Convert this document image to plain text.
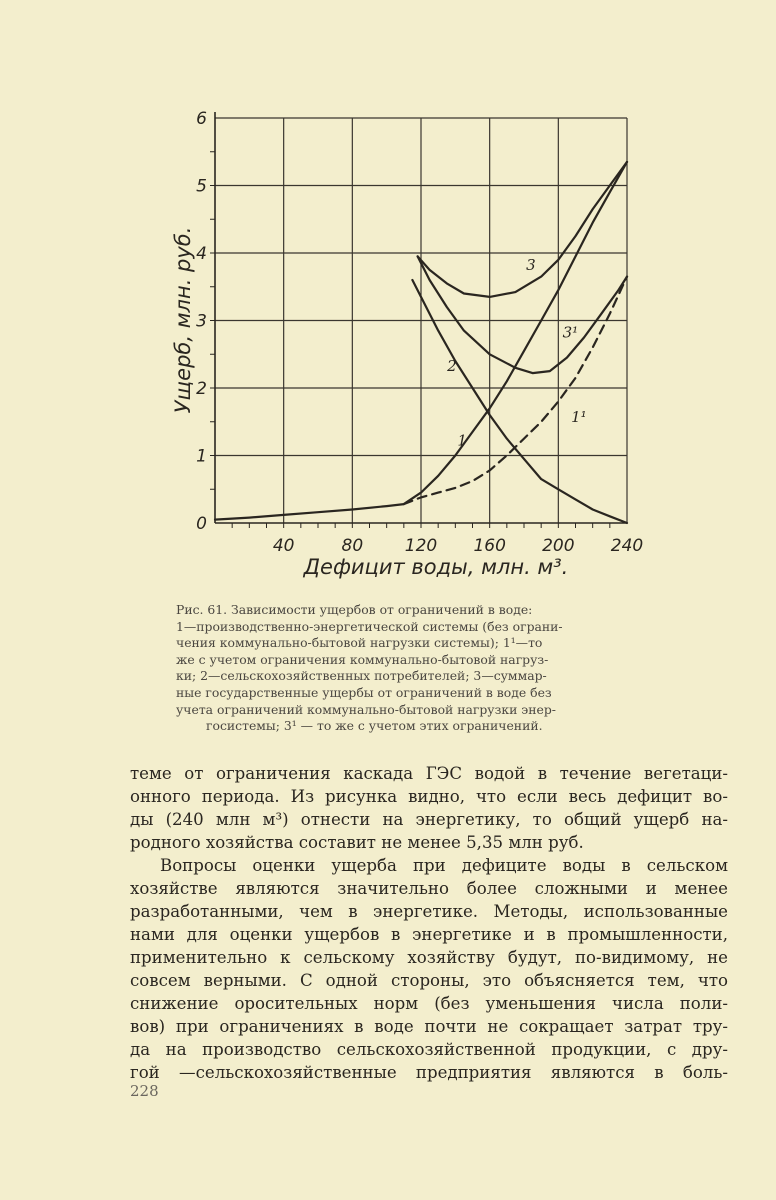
3
3¹
2
1
1¹
40	80 120 160 200 240
0
1
2
3
4
5
6
Дефицит воды, млн. м³.
Ущерб, млн. руб.
Рис. 61. Зависимости ущербов от ограничений в воде:
1—производственно-энергетической системы (без ограни-
чения коммунально-бытовой нагрузки системы); 1¹—то
же с учетом ограничения коммунально-бытовой нагруз-
ки; 2—сельскохозяйственных потребителей; 3—суммар-
ные государственные ущербы от ограничений в воде без
учета ограничений коммунально-бытовой нагрузки энер-
госистемы; 3¹ — то же с учетом этих ограничений.
теме от ограничения каскада ГЭС водой в течение вегетаци-
онного периода. Из рисунка видно, что если весь дефицит во-
ды (240 млн м³) отнести на энергетику, то общий ущерб на-
родного хозяйства составит не менее 5,35 млн руб.
Вопросы оценки ущерба при дефиците воды в сельском
хозяйстве являются значительно более сложными и менее
разработанными, чем в энергетике. Методы, использованные
нами для оценки ущербов в энергетике и в промышленности,
применительно к сельскому хозяйству будут, по-видимому, не
совсем верными. С одной стороны, это объясняется тем, что
снижение оросительных норм (без уменьшения числа поли-
вов) при ограничениях в воде почти не сокращает затрат тру-
да на производство сельскохозяйственной продукции, с дру-
гой —сельскохозяйственные предприятия являются в боль-
228
